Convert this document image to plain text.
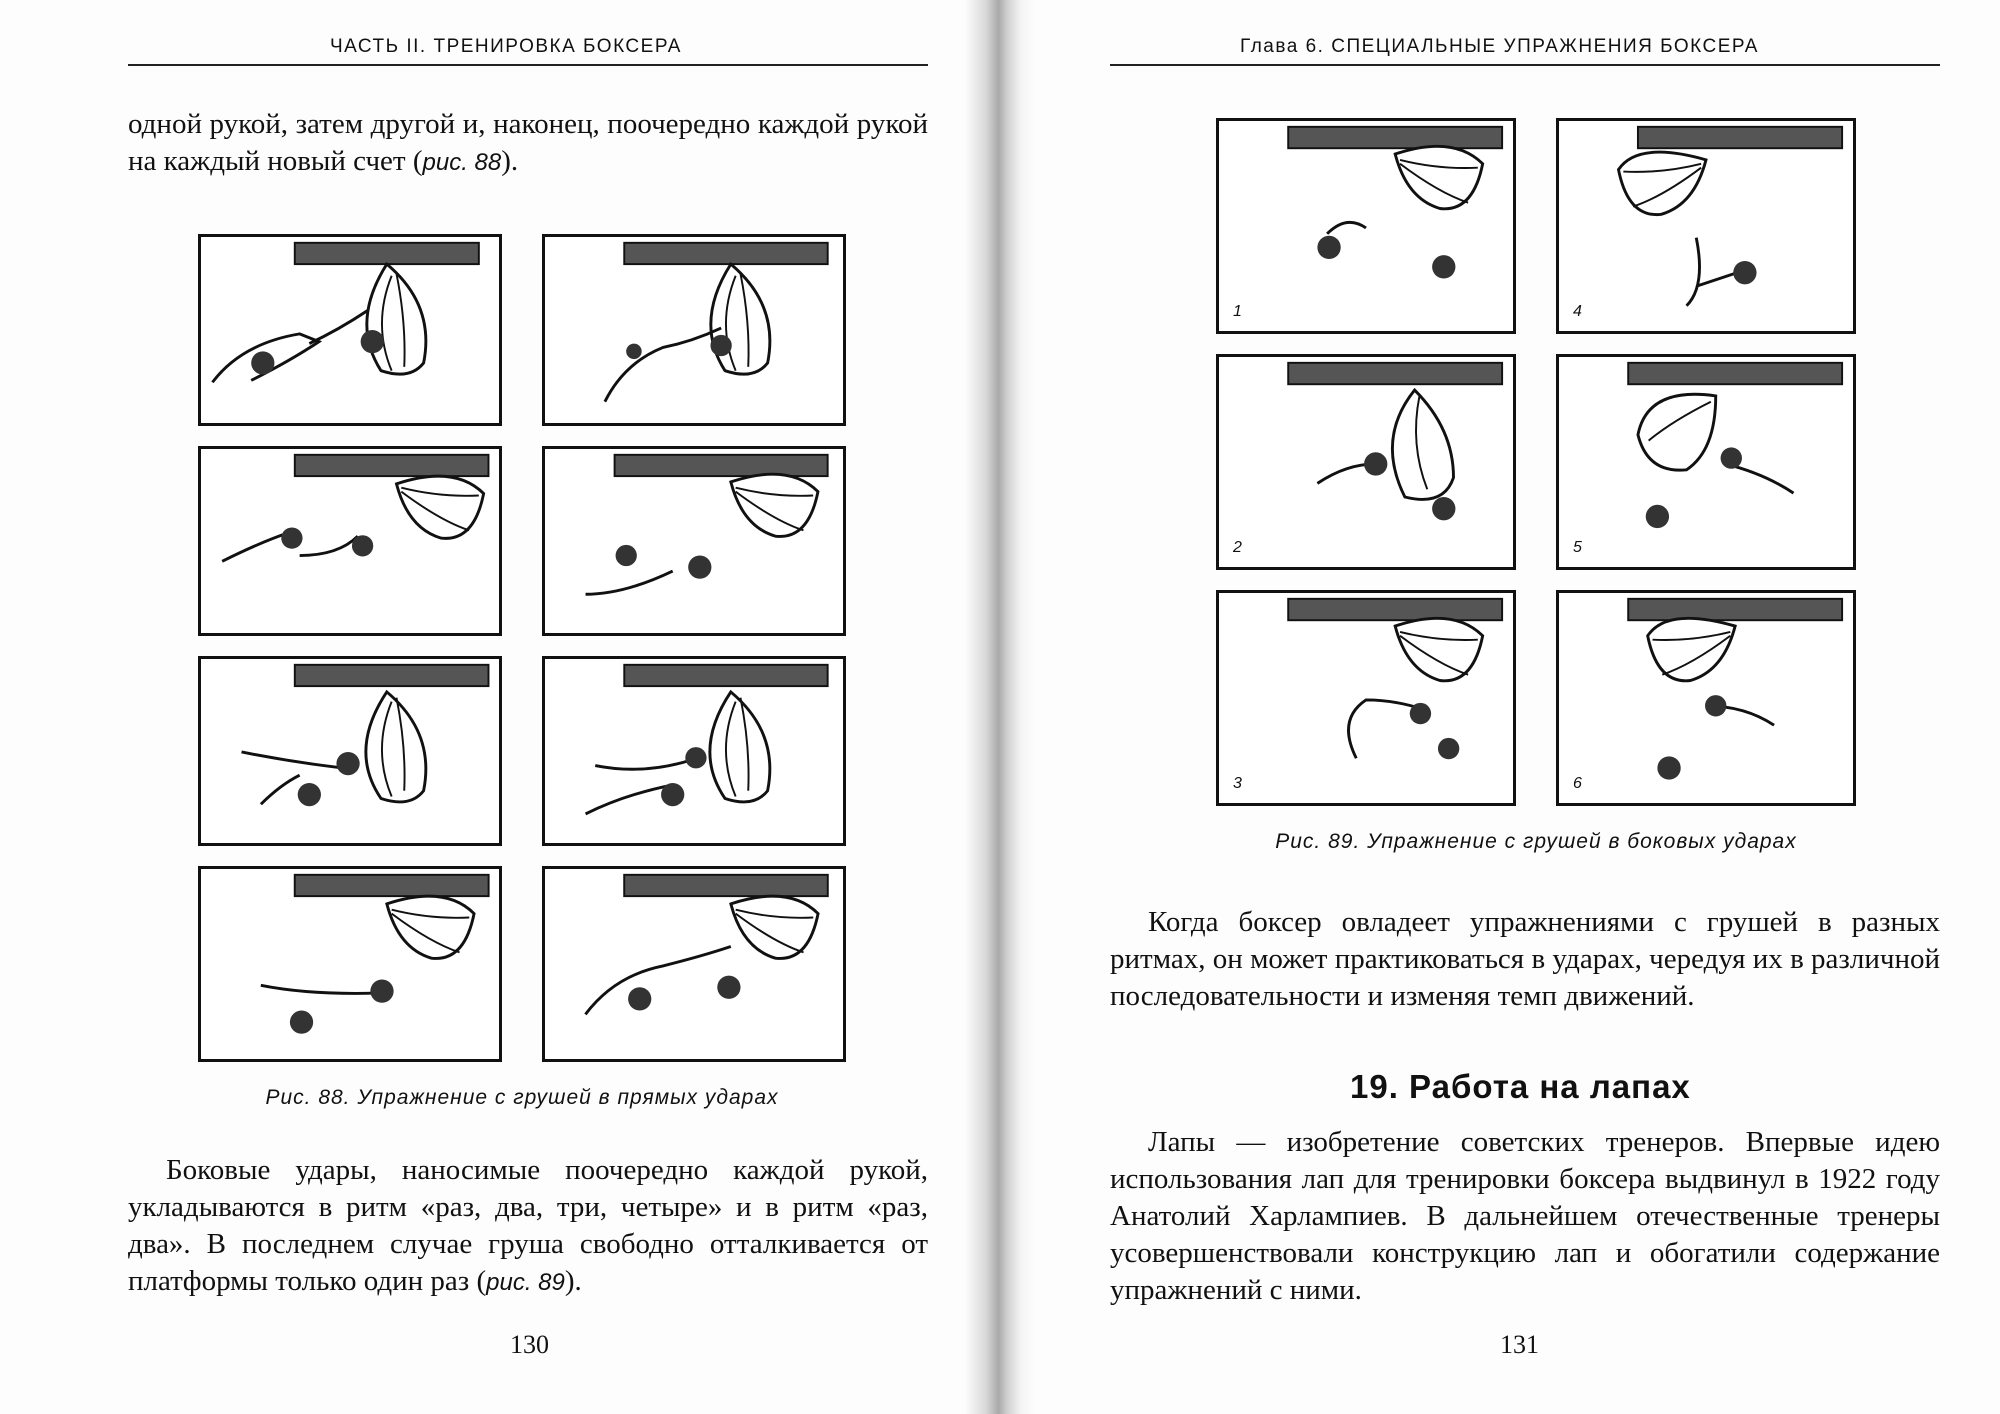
ЧАСТЬ II. ТРЕНИРОВКА БОКСЕРА
одной рукой, затем другой и, наконец, поочередно каждой рукой на каждый новый счет (рис. 88).
Рис. 88. Упражнение с грушей в прямых ударах
Боковые удары, наносимые поочередно каждой рукой, укладываются в ритм «раз, два, три, четыре» и в ритм «раз, два». В последнем случае груша свободно отталкивается от платформы только один раз (рис. 89).
130
Глава 6. СПЕЦИАЛЬНЫЕ УПРАЖНЕНИЯ БОКСЕРА
1	4
2	5
3	6
Рис. 89. Упражнение с грушей в боковых ударах
Когда боксер овладеет упражнениями с грушей в разных ритмах, он может практиковаться в ударах, чередуя их в различной последовательности и изменяя темп движений.
19. Работа на лапах
Лапы — изобретение советских тренеров. Впервые идею использования лап для тренировки боксера выдвинул в 1922 году Анатолий Харлампиев. В дальнейшем отечественные тренеры усовершенствовали конструкцию лап и обогатили содержание упражнений с ними.
131
